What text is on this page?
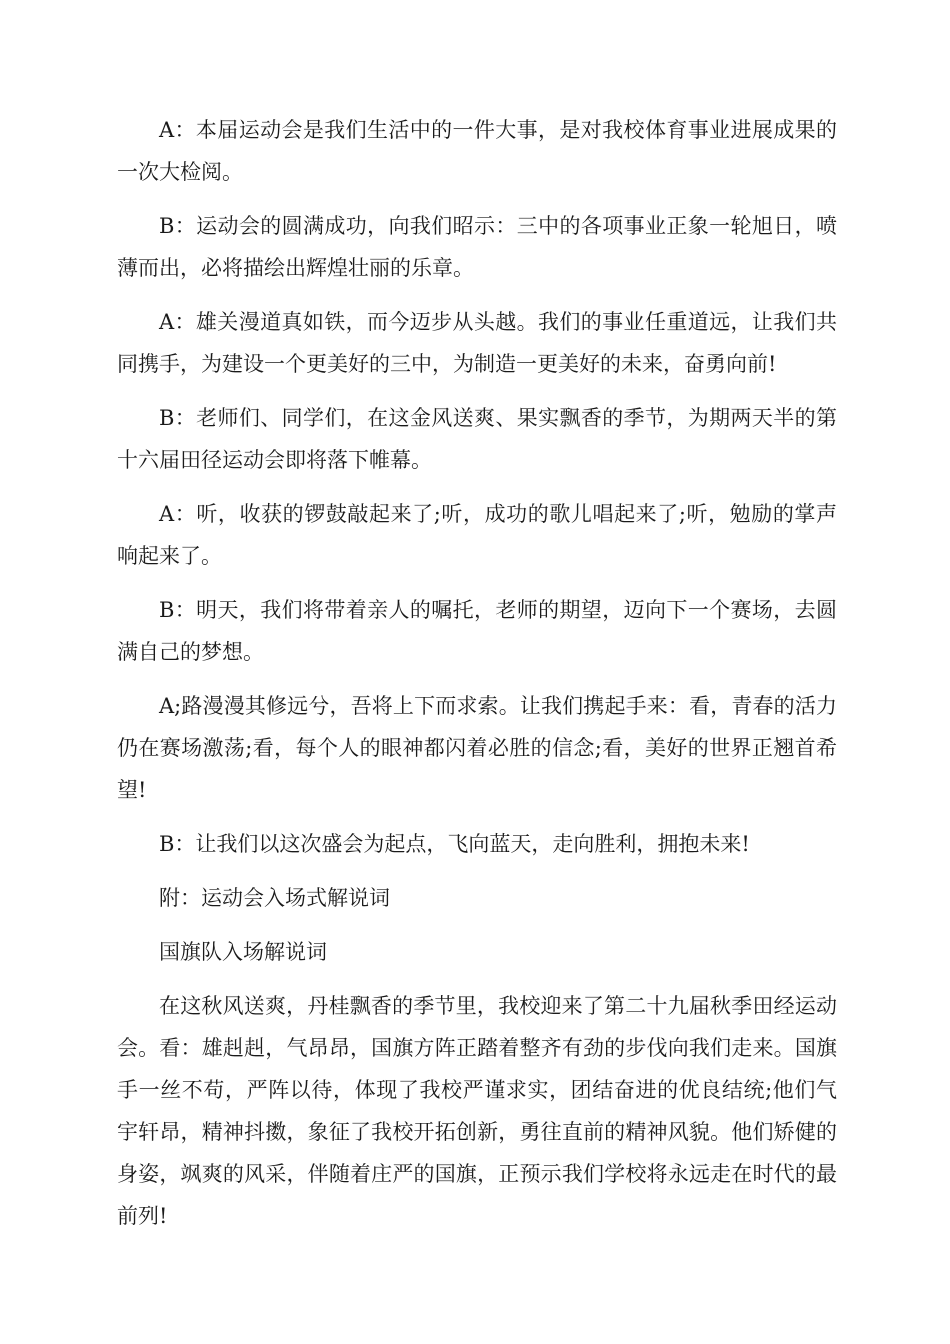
A：本届运动会是我们生活中的一件大事，是对我校体育事业进展成果的一次大检阅。

B：运动会的圆满成功，向我们昭示：三中的各项事业正象一轮旭日，喷薄而出，必将描绘出辉煌壮丽的乐章。

A：雄关漫道真如铁，而今迈步从头越。我们的事业任重道远，让我们共同携手，为建设一个更美好的三中，为制造一更美好的未来，奋勇向前!

B：老师们、同学们，在这金风送爽、果实飘香的季节，为期两天半的第十六届田径运动会即将落下帷幕。

A：听，收获的锣鼓敲起来了;听，成功的歌儿唱起来了;听，勉励的掌声响起来了。

B：明天，我们将带着亲人的嘱托，老师的期望，迈向下一个赛场，去圆满自己的梦想。

A;路漫漫其修远兮，吾将上下而求索。让我们携起手来：看，青春的活力仍在赛场激荡;看，每个人的眼神都闪着必胜的信念;看，美好的世界正翘首希望!

B：让我们以这次盛会为起点，飞向蓝天，走向胜利，拥抱未来!

附：运动会入场式解说词

国旗队入场解说词

在这秋风送爽，丹桂飘香的季节里，我校迎来了第二十九届秋季田经运动会。看：雄赳赳，气昂昂，国旗方阵正踏着整齐有劲的步伐向我们走来。国旗手一丝不苟，严阵以待，体现了我校严谨求实，团结奋进的优良结统;他们气宇轩昂，精神抖擞，象征了我校开拓创新，勇往直前的精神风貌。他们矫健的身姿，飒爽的风采，伴随着庄严的国旗，正预示我们学校将永远走在时代的最前列!
